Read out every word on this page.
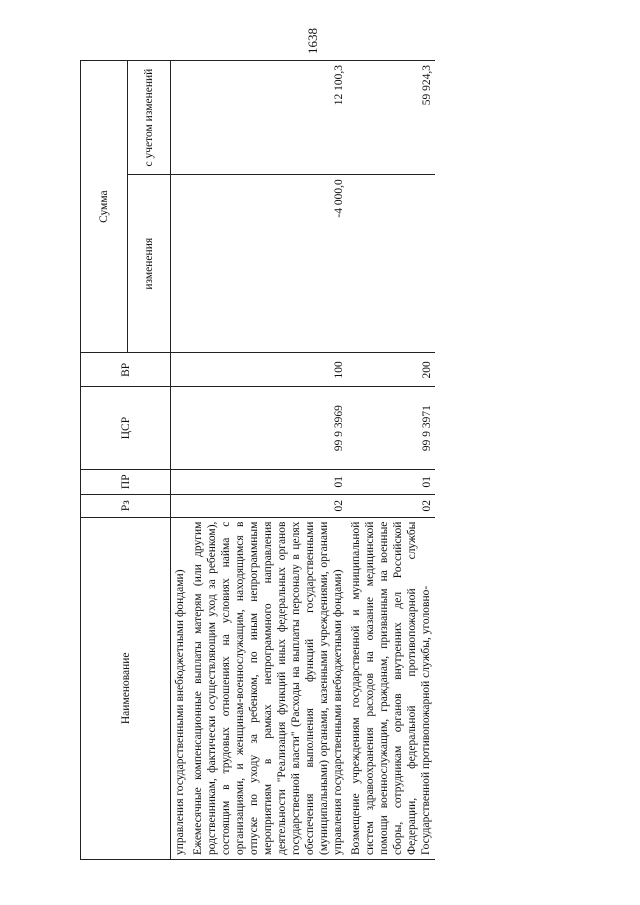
1638
Наименование	Рз	ПР	ЦСР	ВР	Сумма	
					изменения	с учетом изменений
управления государственными внебюджетными фондами)						
Ежемесячные компенсационные выплаты матерям (или другим родственникам, фактически осуществляющим уход за ребенком), состоящим в трудовых отношениях на условиях найма с организациями, и женщинам-военнослужащим, находящимся в отпуске по уходу за ребенком, по иным непрограммным мероприятиям в рамках непрограммного направления деятельности "Реализация функций иных федеральных органов государственной власти" (Расходы на выплаты персоналу в целях обеспечения выполнения функций государственными (муниципальными) органами, казенными учреждениями, органами управления государственными внебюджетными фондами)	02	01	99 9 3969	100	-4 000,0	12 100,3
Возмещение учреждениям государственной и муниципальной систем здравоохранения расходов на оказание медицинской помощи военнослужащим, гражданам, призванным на военные сборы, сотрудникам органов внутренних дел Российской Федерации, федеральной противопожарной службы Государственной противопожарной службы, уголовно-	02	01	99 9 3971	200		59 924,3
